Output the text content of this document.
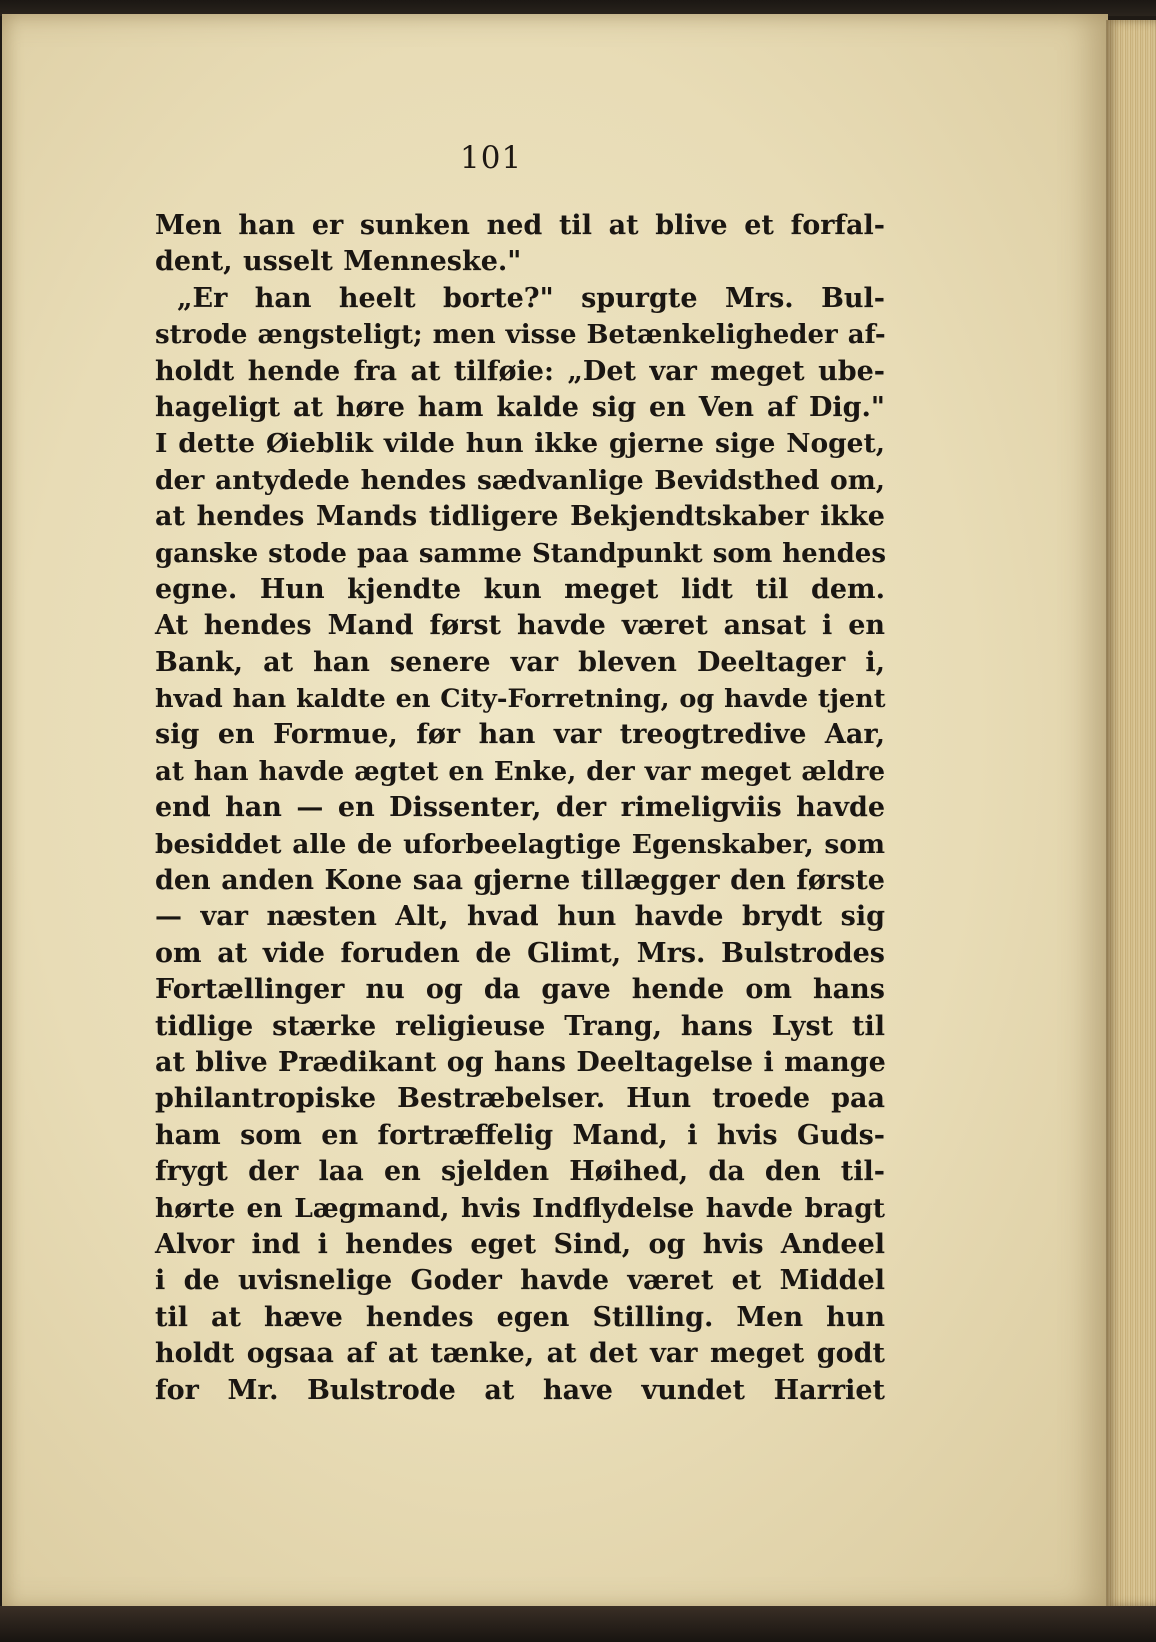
101
Men han er sunken ned til at blive et forfal-
dent, usselt Menneske."
„Er han heelt borte?" spurgte Mrs. Bul-
strode ængsteligt; men visse Betænkeligheder af-
holdt hende fra at tilføie: „Det var meget ube-
hageligt at høre ham kalde sig en Ven af Dig."
I dette Øieblik vilde hun ikke gjerne sige Noget,
der antydede hendes sædvanlige Bevidsthed om,
at hendes Mands tidligere Bekjendtskaber ikke
ganske stode paa samme Standpunkt som hendes
egne. Hun kjendte kun meget lidt til dem.
At hendes Mand først havde været ansat i en
Bank, at han senere var bleven Deeltager i,
hvad han kaldte en City-Forretning, og havde tjent
sig en Formue, før han var treogtredive Aar,
at han havde ægtet en Enke, der var meget ældre
end han — en Dissenter, der rimeligviis havde
besiddet alle de uforbeelagtige Egenskaber, som
den anden Kone saa gjerne tillægger den første
— var næsten Alt, hvad hun havde brydt sig
om at vide foruden de Glimt, Mrs. Bulstrodes
Fortællinger nu og da gave hende om hans
tidlige stærke religieuse Trang, hans Lyst til
at blive Prædikant og hans Deeltagelse i mange
philantropiske Bestræbelser. Hun troede paa
ham som en fortræffelig Mand, i hvis Guds-
frygt der laa en sjelden Høihed, da den til-
hørte en Lægmand, hvis Indflydelse havde bragt
Alvor ind i hendes eget Sind, og hvis Andeel
i de uvisnelige Goder havde været et Middel
til at hæve hendes egen Stilling. Men hun
holdt ogsaa af at tænke, at det var meget godt
for Mr. Bulstrode at have vundet Harriet
